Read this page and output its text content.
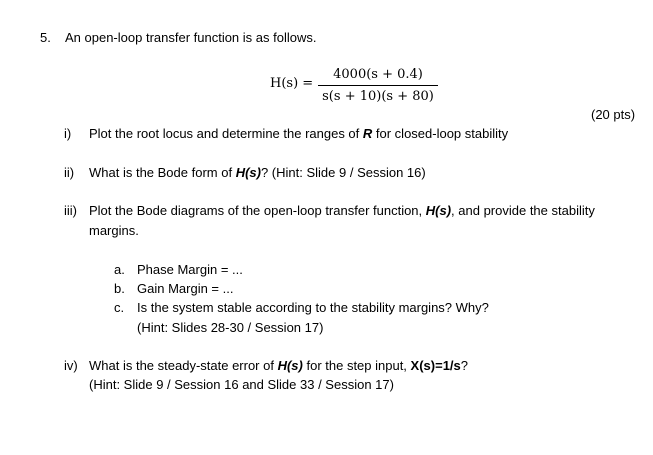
5. An open-loop transfer function is as follows.
H(s) =
4000(s + 0.4)
s(s + 10)(s + 80)
(20 pts)
i) Plot the root locus and determine the ranges of R for closed-loop stability
ii) What is the Bode form of H(s)? (Hint: Slide 9 / Session 16)
iii) Plot the Bode diagrams of the open-loop transfer function, H(s), and provide the stability
margins.
a. Phase Margin = ...
b. Gain Margin = ...
c. Is the system stable according to the stability margins? Why?
(Hint: Slides 28-30 / Session 17)
iv) What is the steady-state error of H(s) for the step input, X(s)=1/s?
(Hint: Slide 9 / Session 16 and Slide 33 / Session 17)
